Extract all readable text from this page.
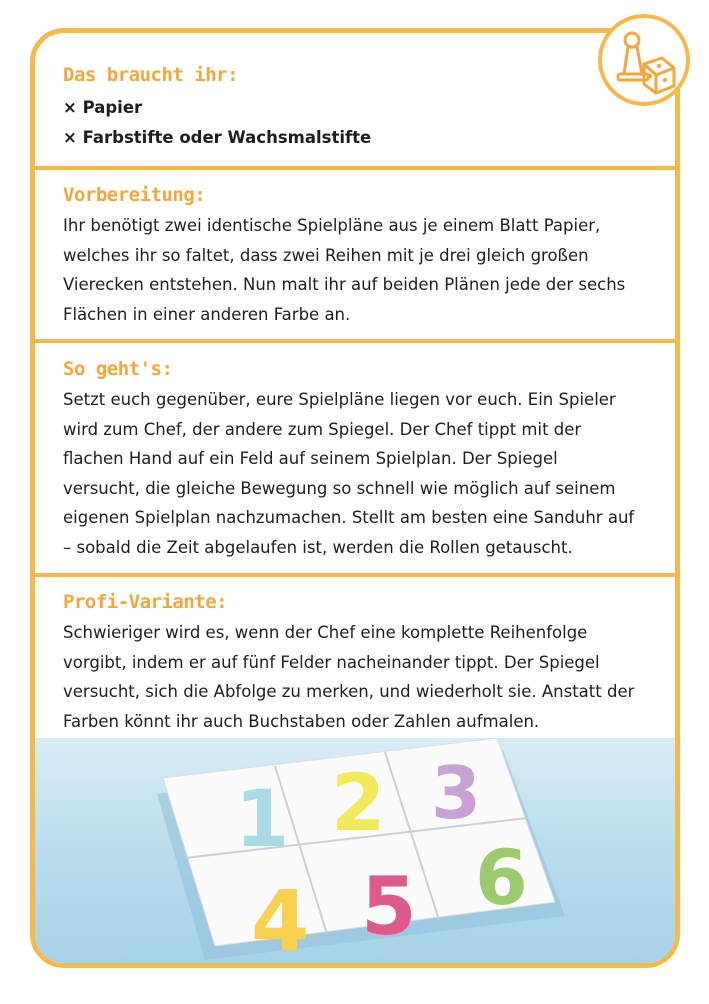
Das braucht ihr:

× Papier
× Farbstifte oder Wachsmalstifte

Vorbereitung:

Ihr benötigt zwei identische Spielpläne aus je einem Blatt Papier,

welches ihr so faltet, dass zwei Reihen mit je drei gleich großen

Vierecken entstehen. Nun malt ihr auf beiden Plänen jede der sechs

Flächen in einer anderen Farbe an.

So geht's:

Setzt euch gegenüber, eure Spielpläne liegen vor euch. Ein Spieler

wird zum Chef, der andere zum Spiegel. Der Chef tippt mit der

flachen Hand auf ein Feld auf seinem Spielplan. Der Spiegel

versucht, die gleiche Bewegung so schnell wie möglich auf seinem

eigenen Spielplan nachzumachen. Stellt am besten eine Sanduhr auf

– sobald die Zeit abgelaufen ist, werden die Rollen getauscht.

Profi-Variante:

Schwieriger wird es, wenn der Chef eine komplette Reihenfolge

vorgibt, indem er auf fünf Felder nacheinander tippt. Der Spiegel

versucht, sich die Abfolge zu merken, und wiederholt sie. Anstatt der

Farben könnt ihr auch Buchstaben oder Zahlen aufmalen.

1 2 3
4 5 6
